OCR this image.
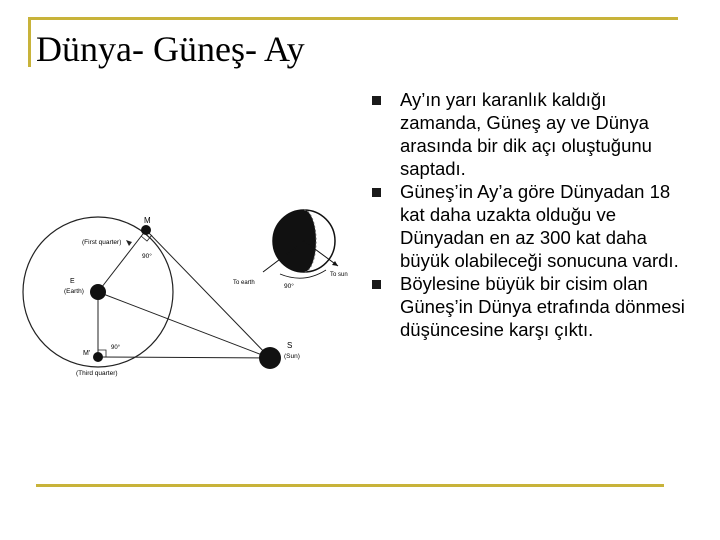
Dünya- Güneş- Ay
M
(First quarter)
90°
E
(Earth)
M'
90°
(Third quarter)
S
(Sun)
To sun
To earth	90°
Ay’ın yarı karanlık kaldığı zamanda, Güneş ay ve Dünya arasında bir dik açı oluştuğunu saptadı.
Güneş’in Ay’a göre Dünyadan 18 kat daha uzakta olduğu ve Dünyadan en az 300 kat daha büyük olabileceği sonucuna vardı.
Böylesine büyük bir cisim olan Güneş’in Dünya etrafında dönmesi düşüncesine karşı çıktı.
